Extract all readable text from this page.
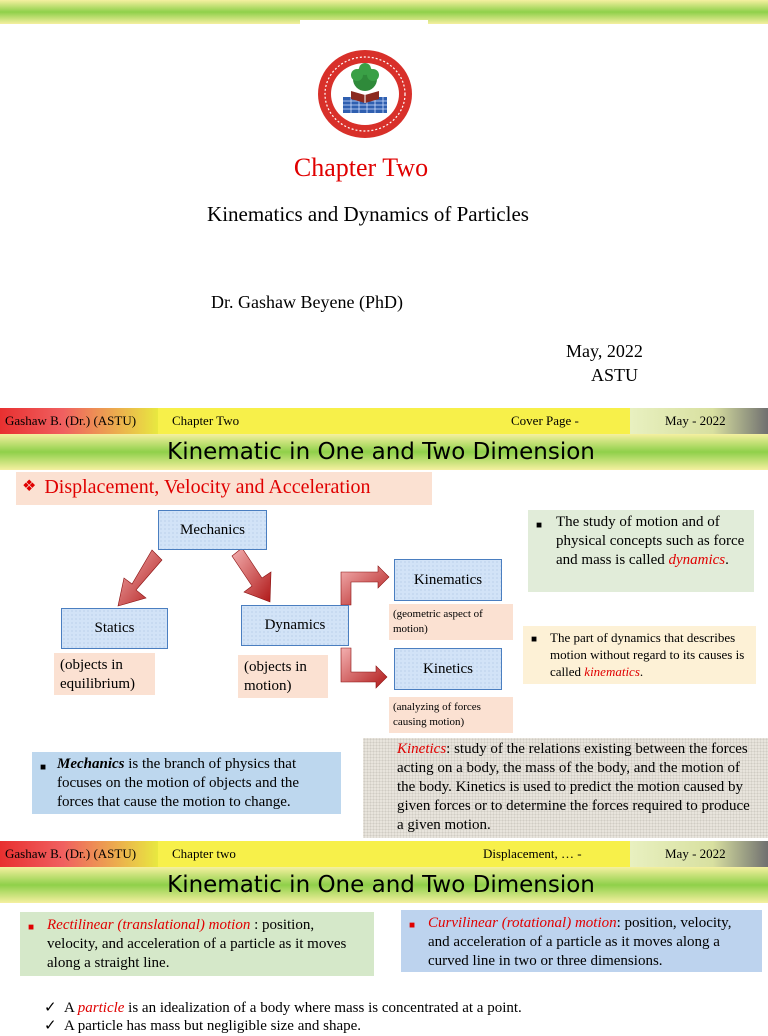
Chapter Two
Kinematics and Dynamics of Particles
Dr. Gashaw Beyene (PhD)
May, 2022
ASTU
Gashaw B. (Dr.) (ASTU)	Chapter Two	Cover Page -	May - 2022
Kinematic in One and Two Dimension
❖ Displacement, Velocity and Acceleration
Mechanics
Statics	Dynamics
Kinematics
Kinetics
(objects in equilibrium)
(objects in motion)
(geometric aspect of motion)
(analyzing of forces causing motion)
■ The study of motion and of physical concepts such as force and mass is called dynamics.
■ The part of dynamics that describes motion without regard to its causes is called kinematics.
■ Mechanics is the branch of physics that focuses on the motion of objects and the forces that cause the motion to change.
Kinetics: study of the relations existing between the forces acting on a body, the mass of the body, and the motion of the body. Kinetics is used to predict the motion caused by given forces or to determine the forces required to produce a given motion.
Gashaw B. (Dr.) (ASTU)	Chapter two	Displacement, … -	May - 2022
Kinematic in One and Two Dimension
■ Rectilinear (translational) motion : position, velocity, and acceleration of a particle as it moves along a straight line.
■ Curvilinear (rotational) motion: position, velocity, and acceleration of a particle as it moves along a curved line in two or three dimensions.
✓ A particle is an idealization of a body where mass is concentrated at a point.
✓ A particle has mass but negligible size and shape.
